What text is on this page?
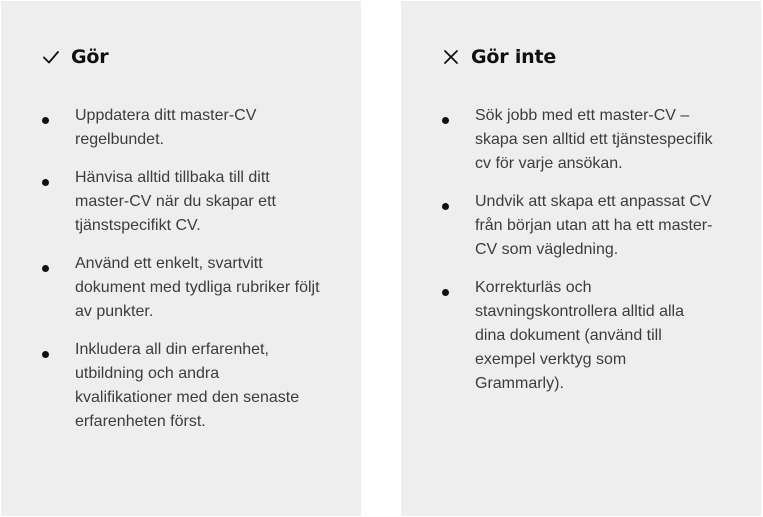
Gör
Uppdatera ditt master-CV regelbundet.
Hänvisa alltid tillbaka till ditt master-CV när du skapar ett tjänstspecifikt CV.
Använd ett enkelt, svartvitt dokument med tydliga rubriker följt av punkter.
Inkludera all din erfarenhet, utbildning och andra kvalifikationer med den senaste erfarenheten först.
Gör inte
Sök jobb med ett master-CV – skapa sen alltid ett tjänstespecifik cv för varje ansökan.
Undvik att skapa ett anpassat CV från början utan att ha ett master-CV som vägledning.
Korrekturläs och stavningskontrollera alltid alla dina dokument (använd till exempel verktyg som Grammarly).
